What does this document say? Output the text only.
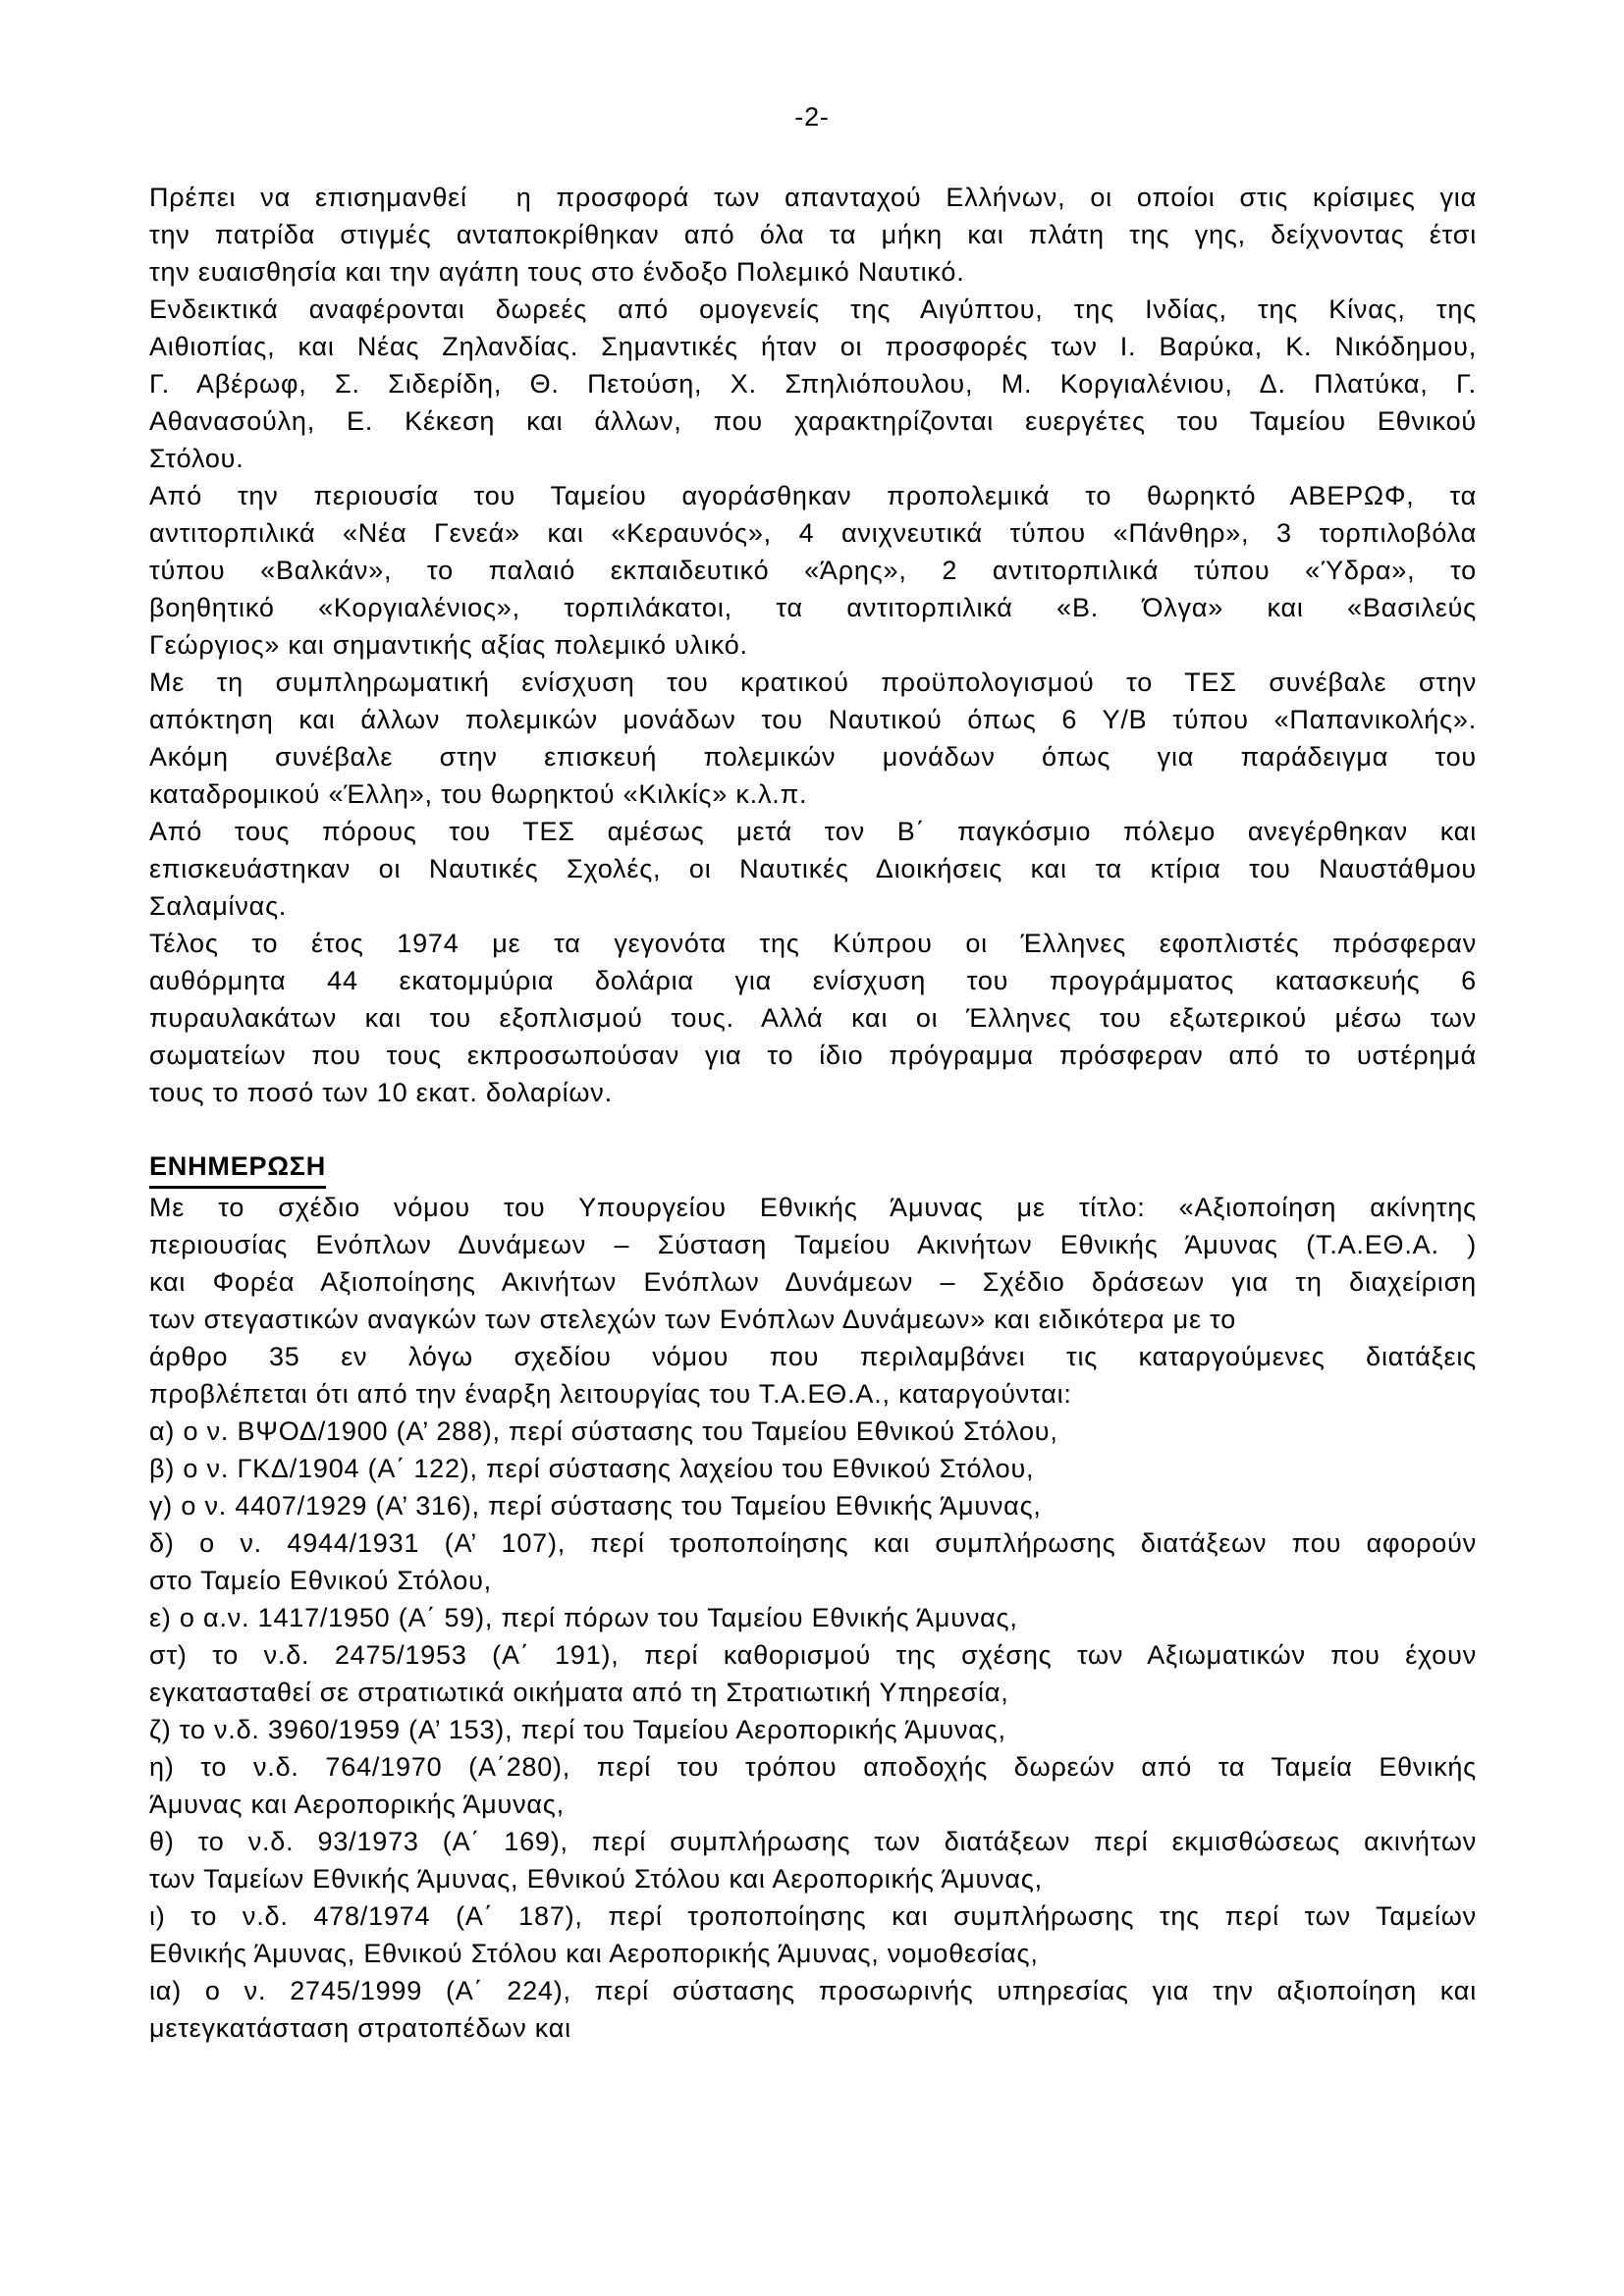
-2-
Πρέπει να επισημανθεί  η προσφορά των απανταχού Ελλήνων, οι οποίοι στις κρίσιμες για
την πατρίδα στιγμές ανταποκρίθηκαν από όλα τα μήκη και πλάτη της γης, δείχνοντας έτσι
την ευαισθησία και την αγάπη τους στο ένδοξο Πολεμικό Ναυτικό.
Ενδεικτικά αναφέρονται δωρεές από ομογενείς της Αιγύπτου, της Ινδίας, της Κίνας, της
Αιθιοπίας, και Νέας Ζηλανδίας. Σημαντικές ήταν οι προσφορές των Ι. Βαρύκα, Κ. Νικόδημου,
Γ. Αβέρωφ, Σ. Σιδερίδη, Θ. Πετούση, Χ. Σπηλιόπουλου, Μ. Κοργιαλένιου, Δ. Πλατύκα, Γ.
Αθανασούλη, Ε. Κέκεση και άλλων, που χαρακτηρίζονται ευεργέτες του Ταμείου Εθνικού
Στόλου.
Από την περιουσία του Ταμείου αγοράσθηκαν προπολεμικά το θωρηκτό ΑΒΕΡΩΦ, τα
αντιτορπιλικά «Νέα Γενεά» και «Κεραυνός», 4 ανιχνευτικά τύπου «Πάνθηρ», 3 τορπιλοβόλα
τύπου «Βαλκάν», το παλαιό εκπαιδευτικό «Άρης», 2 αντιτορπιλικά τύπου «Ύδρα», το
βοηθητικό «Κοργιαλένιος», τορπιλάκατοι, τα αντιτορπιλικά «Β. Όλγα» και «Βασιλεύς
Γεώργιος» και σημαντικής αξίας πολεμικό υλικό.
Με τη συμπληρωματική ενίσχυση του κρατικού προϋπολογισμού το ΤΕΣ συνέβαλε στην
απόκτηση και άλλων πολεμικών μονάδων του Ναυτικού όπως 6 Υ/Β τύπου «Παπανικολής».
Ακόμη συνέβαλε στην επισκευή πολεμικών μονάδων όπως για παράδειγμα του
καταδρομικού «Έλλη», του θωρηκτού «Κιλκίς» κ.λ.π.
Από τους πόρους του ΤΕΣ αμέσως μετά τον Β΄ παγκόσμιο πόλεμο ανεγέρθηκαν και
επισκευάστηκαν οι Ναυτικές Σχολές, οι Ναυτικές Διοικήσεις και τα κτίρια του Ναυστάθμου
Σαλαμίνας.
Τέλος το έτος 1974 με τα γεγονότα της Κύπρου οι Έλληνες εφοπλιστές πρόσφεραν
αυθόρμητα 44 εκατομμύρια δολάρια για ενίσχυση του προγράμματος κατασκευής 6
πυραυλακάτων και του εξοπλισμού τους. Αλλά και οι Έλληνες του εξωτερικού μέσω των
σωματείων που τους εκπροσωπούσαν για το ίδιο πρόγραμμα πρόσφεραν από το υστέρημά
τους το ποσό των 10 εκατ. δολαρίων.
ΕΝΗΜΕΡΩΣΗ
Με το σχέδιο νόμου του Υπουργείου Εθνικής Άμυνας με τίτλο: «Αξιοποίηση ακίνητης
περιουσίας Ενόπλων Δυνάμεων – Σύσταση Ταμείου Ακινήτων Εθνικής Άμυνας (Τ.Α.ΕΘ.Α. )
και Φορέα Αξιοποίησης Ακινήτων Ενόπλων Δυνάμεων – Σχέδιο δράσεων για τη διαχείριση
των στεγαστικών αναγκών των στελεχών των Ενόπλων Δυνάμεων» και ειδικότερα με το
άρθρο 35 εν λόγω σχεδίου νόμου που περιλαμβάνει τις καταργούμενες διατάξεις
προβλέπεται ότι από την έναρξη λειτουργίας του Τ.Α.ΕΘ.Α., καταργούνται:
α) ο ν. ΒΨΟΔ/1900 (Α’ 288), περί σύστασης του Ταμείου Εθνικού Στόλου,
β) ο ν. ΓΚΔ/1904 (Α΄ 122), περί σύστασης λαχείου του Εθνικού Στόλου,
γ) ο ν. 4407/1929 (Α’ 316), περί σύστασης του Ταμείου Εθνικής Άμυνας,
δ) ο ν. 4944/1931 (Α’ 107), περί τροποποίησης και συμπλήρωσης διατάξεων που αφορούν
στο Ταμείο Εθνικού Στόλου,
ε) ο α.ν. 1417/1950 (Α΄ 59), περί πόρων του Ταμείου Εθνικής Άμυνας,
στ) το ν.δ. 2475/1953 (Α΄ 191), περί καθορισμού της σχέσης των Αξιωματικών που έχουν
εγκατασταθεί σε στρατιωτικά οικήματα από τη Στρατιωτική Υπηρεσία,
ζ) το ν.δ. 3960/1959 (Α’ 153), περί του Ταμείου Αεροπορικής Άμυνας,
η) το ν.δ. 764/1970 (Α΄280), περί του τρόπου αποδοχής δωρεών από τα Ταμεία Εθνικής
Άμυνας και Αεροπορικής Άμυνας,
θ) το ν.δ. 93/1973 (Α΄ 169), περί συμπλήρωσης των διατάξεων περί εκμισθώσεως ακινήτων
των Ταμείων Εθνικής Άμυνας, Εθνικού Στόλου και Αεροπορικής Άμυνας,
ι) το ν.δ. 478/1974 (Α΄ 187), περί τροποποίησης και συμπλήρωσης της περί των Ταμείων
Εθνικής Άμυνας, Εθνικού Στόλου και Αεροπορικής Άμυνας, νομοθεσίας,
ια) ο ν. 2745/1999 (Α΄ 224), περί σύστασης προσωρινής υπηρεσίας για την αξιοποίηση και
μετεγκατάσταση στρατοπέδων και
